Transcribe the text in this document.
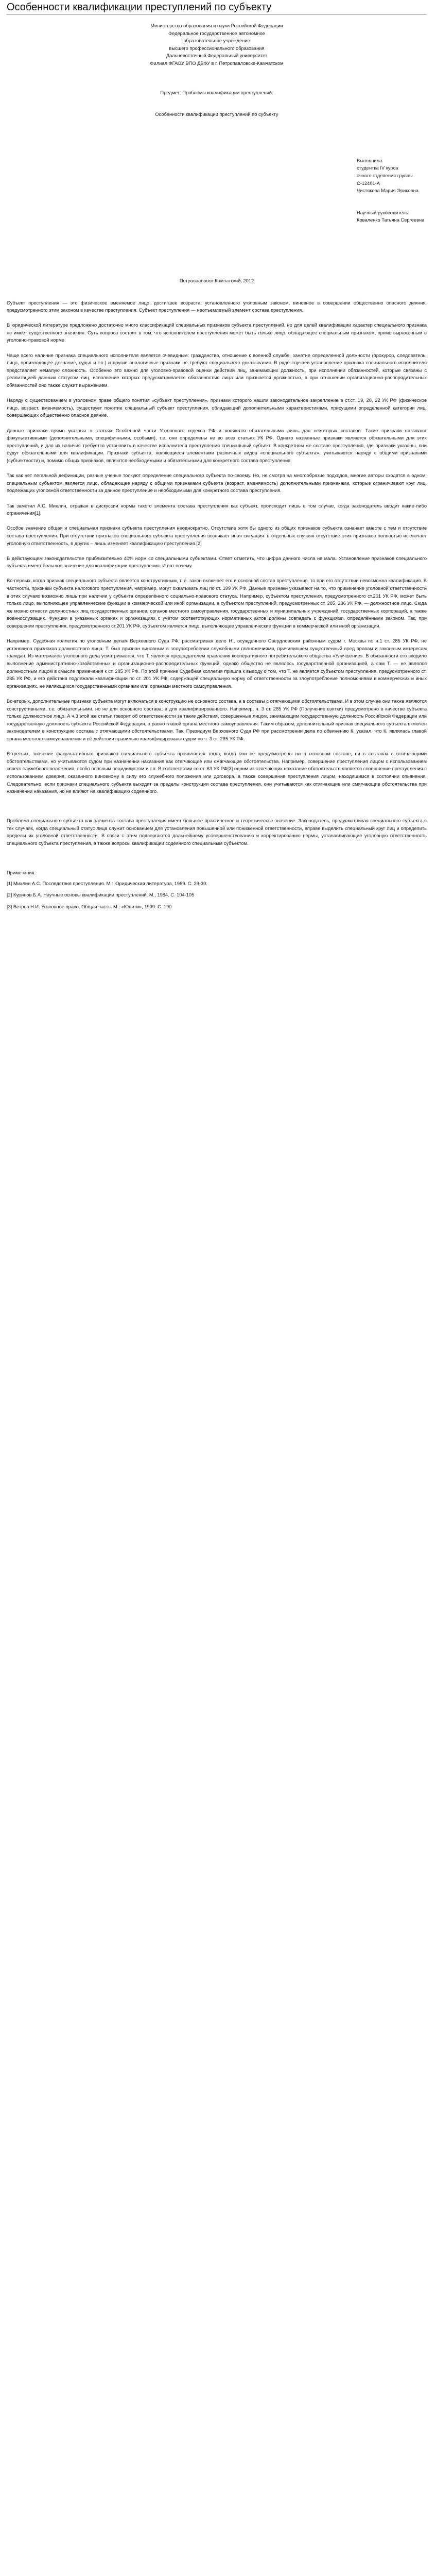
Особенности квалификации преступлений по субъекту
Министерство образования и науки Российской Федерации
Федеральное государственное автономное
образовательное учреждение
высшего профессионального образования
Дальневосточный Федеральный университет
Филиал ФГАОУ ВПО ДВФУ в г. Петропавловске-Камчатском
Предмет: Проблемы квалификации преступлений.
Особенности квалификации преступлений по субъекту
Выполнила:
студентка IV курса
очного отделения группы С-12401-А
Чистякова Мария Эриковна
Научный руководитель:
Коваленко Татьяна Сергеевна
Петропавловск-Камчатский, 2012

Субъект преступления — это физическое вменяемое лицо, достигшее возраста, установленного уголовным законом, виновное в совершении общественно опасного деяния, предусмотренного этим законом в качестве преступления. Субъект преступления — неотъемлемый элемент состава преступления.

В юридической литературе предложено достаточно много классификаций специальных признаков субъекта преступлений, но для целей квалификации характер специального признака не имеет существенного значения. Суть вопроса состоит в том, что исполнителем преступления может быть только лицо, обладающее специальным признаком, прямо выраженным в уголовно-правовой норме.

Чаще всего наличие признака специального исполнителя является очевидным: гражданство, отношение к военной службе, занятие определенной должности (прокурор, следователь, лицо, производящее дознание, судья и т.п.) и другие аналогичные признаки не требуют специального доказывания. В ряде случаев установление признака специального исполнителя представляет немалую сложность. Особенно это важно для уголовно-правовой оценки действий лиц, занимающих должность, при исполнении обязанностей, которые связаны с реализацией данным статусом лиц, исполнение которых предусматривается обязанностью лица или признается должностью, в при отношении организационно-распорядительных обязанностей оно также служит выражением.

Наряду с существованием в уголовном праве общего понятия «субъект преступления», признаки которого нашли законодательное закрепление в ст.ст. 19, 20, 22 УК РФ (физическое лицо, возраст, вменяемость), существует понятие специальный субъект преступления, обладающий дополнительными характеристиками, присущими определенной категории лиц, совершающих общественно опасное деяние.

Данные признаки прямо указаны в статьях Особенной части Уголовного кодекса РФ и являются обязательными лишь для некоторых составов. Такие признаки называют факультативными (дополнительными, специфичными, особыми), т.е. они определены не во всех статьях УК РФ. Однако названные признаки являются обязательными для этих преступлений, и для их наличия требуется установить в качестве исполнителя преступления специальный субъект. В конкретном же составе преступления, где признаки указаны, они будут обязательными для квалификации. Признаки субъекта, являющиеся элементами различных видов «специального субъекта», учитываются наряду с общими признаками (субъектности) и, помимо общих признаков, являются необходимыми и обязательными для конкретного состава преступления.

Так как нет легальной дефиниции, разные ученые толкуют определение специального субъекта по-своему. Но, не смотря на многообразие подходов, многие авторы сходятся в одном: специальным субъектом является лицо, обладающее наряду с общими признаками субъекта (возраст, вменяемость) дополнительными признаками, которые ограничивают круг лиц, подлежащих уголовной ответственности за данное преступление и необходимыми для конкретного состава преступления.

Так заметил А.С. Михлин, отражая в дискуссии нормы такого элемента состава преступления как субъект, происходит лишь в том случае, когда законодатель вводит какие-либо ограничения[1].

Особое значение общая и специальная признаки субъекта преступления неоднократно. Отсутствие хотя бы одного из общих признаков субъекта означает вместе с тем и отсутствие состава преступления. При отсутствии признаков специального субъекта преступления возникает иная ситуация: в отдельных случаях отсутствие этих признаков полностью исключает уголовную ответственность, в других – лишь изменяет квалификацию преступления.[2]

В действующем законодательстве приблизительно 40% норм со специальными субъектами. Ответ отметить, что цифра данного числа не мала. Установление признаков специального субъекта имеет большое значение для квалификации преступления. И вот почему.

Во-первых, когда признак специального субъекта является конструктивным, т. е. закон включает его в основной состав преступления, то при его отсутствии невозможна квалификация. В частности, признаки субъекта налогового преступления, например, могут охватывать лиц по ст. 199 УК РФ. Данные признаки указывают на то, что применение уголовной ответственности в этих случаях возможно лишь при наличии у субъекта определённого социально-правового статуса. Например, субъектом преступления, предусмотренного ст.201 УК РФ, может быть только лицо, выполняющее управленческие функции в коммерческой или иной организации, а субъектом преступлений, предусмотренных ст. 285, 286 УК РФ, — должностное лицо. Сюда же можно отнести должностных лиц государственных органов, органов местного самоуправления, государственных и муниципальных учреждений, государственных корпораций, а также военнослужащих. Функции в указанных органах и организациях с учётом соответствующих нормативных актов должны совпадать с функциями, определёнными законом. Так, при совершении преступления, предусмотренного ст.201 УК РФ, субъектом является лицо, выполняющее управленческие функции в коммерческой или иной организации.

Например, Судебная коллегия по уголовным делам Верховного Суда РФ, рассматривая дело Н., осужденного Свердловским районным судом г. Москвы по ч.1 ст. 285 УК РФ, не установила признаков должностного лица. Т. был признан виновным в злоупотреблении служебными полномочиями, причинившем существенный вред правам и законным интересам граждан. Из материалов уголовного дела усматривается, что Т. являлся председателем правления кооперативного потребительского общества «Улучшение». В обязанности его входило выполнение административно-хозяйственных и организационно-распорядительных функций, однако общество не являлось государственной организацией, а сам Т. — не являлся должностным лицом в смысле примечания к ст. 285 УК РФ. По этой причине Судебная коллегия пришла к выводу о том, что Т. не является субъектом преступления, предусмотренного ст. 285 УК РФ, и его действия подлежали квалификации по ст. 201 УК РФ, содержащей специальную норму об ответственности за злоупотребление полномочиями в коммерческих и иных организациях, не являющихся государственными органами или органами местного самоуправления.

Во-вторых, дополнительные признаки субъекта могут включаться в конструкцию не основного состава, а в составы с отягчающими обстоятельствами. И в этом случае они также являются конструктивными, т.е. обязательными, но не для основного состава, а для квалифицированного. Например, ч. 3 ст. 285 УК РФ (Получение взятки) предусмотрено в качестве субъекта только должностное лицо. А ч.3 этой же статьи говорит об ответственности за такие действия, совершенные лицом, занимающим государственную должность Российской Федерации или государственную должность субъекта Российской Федерации, а равно главой органа местного самоуправления. Таким образом, дополнительный признак специального субъекта включен законодателем в конструкцию состава с отягчающими обстоятельствами. Так, Президиум Верховного Суда РФ при рассмотрении дела по обвинению К. указал, что К. являлась главой органа местного самоуправления и её действия правильно квалифицированы судом по ч. 3 ст. 285 УК РФ.

В-третьих, значение факультативных признаков специального субъекта проявляется тогда, когда они не предусмотрены ни в основном составе, ни в составах с отягчающими обстоятельствами, но учитываются судом при назначении наказания как отягчающие или смягчающие обстоятельства. Например, совершение преступления лицом с использованием своего служебного положения, особо опасным рецидивистом и т.п. В соответствии со ст. 63 УК РФ[3] одним из отягчающих наказание обстоятельств является совершение преступления с использованием доверия, оказанного виновному в силу его служебного положения или договора, а также совершение преступления лицом, находящимся в состоянии опьянения. Следовательно, если признаки специального субъекта выходят за пределы конструкции состава преступления, они учитываются как отягчающие или смягчающие обстоятельства при назначении наказания, но не влияют на квалификацию содеянного.

Проблема специального субъекта как элемента состава преступления имеет большое практическое и теоретическое значение. Законодатель, предусматривая специального субъекта в тех случаях, когда специальный статус лица служит основанием для установления повышенной или пониженной ответственности, вправе выделить специальный круг лиц и определить пределы их уголовной ответственности. В связи с этим подвергаются дальнейшему усовершенствованию и корректированию нормы, устанавливающие уголовную ответственность специального субъекта преступления, а также вопросы квалификации содеянного специальным субъектом.

Примечания:
[1] Михлин А.С. Последствия преступления. М.: Юридическая литература, 1969. С. 29-30.
[2] Куринов Б.А. Научные основы квалификации преступлений. М., 1984. С. 104-105
[3] Ветров Н.И. Уголовное право. Общая часть. М.: «Юнити», 1999. С. 190
